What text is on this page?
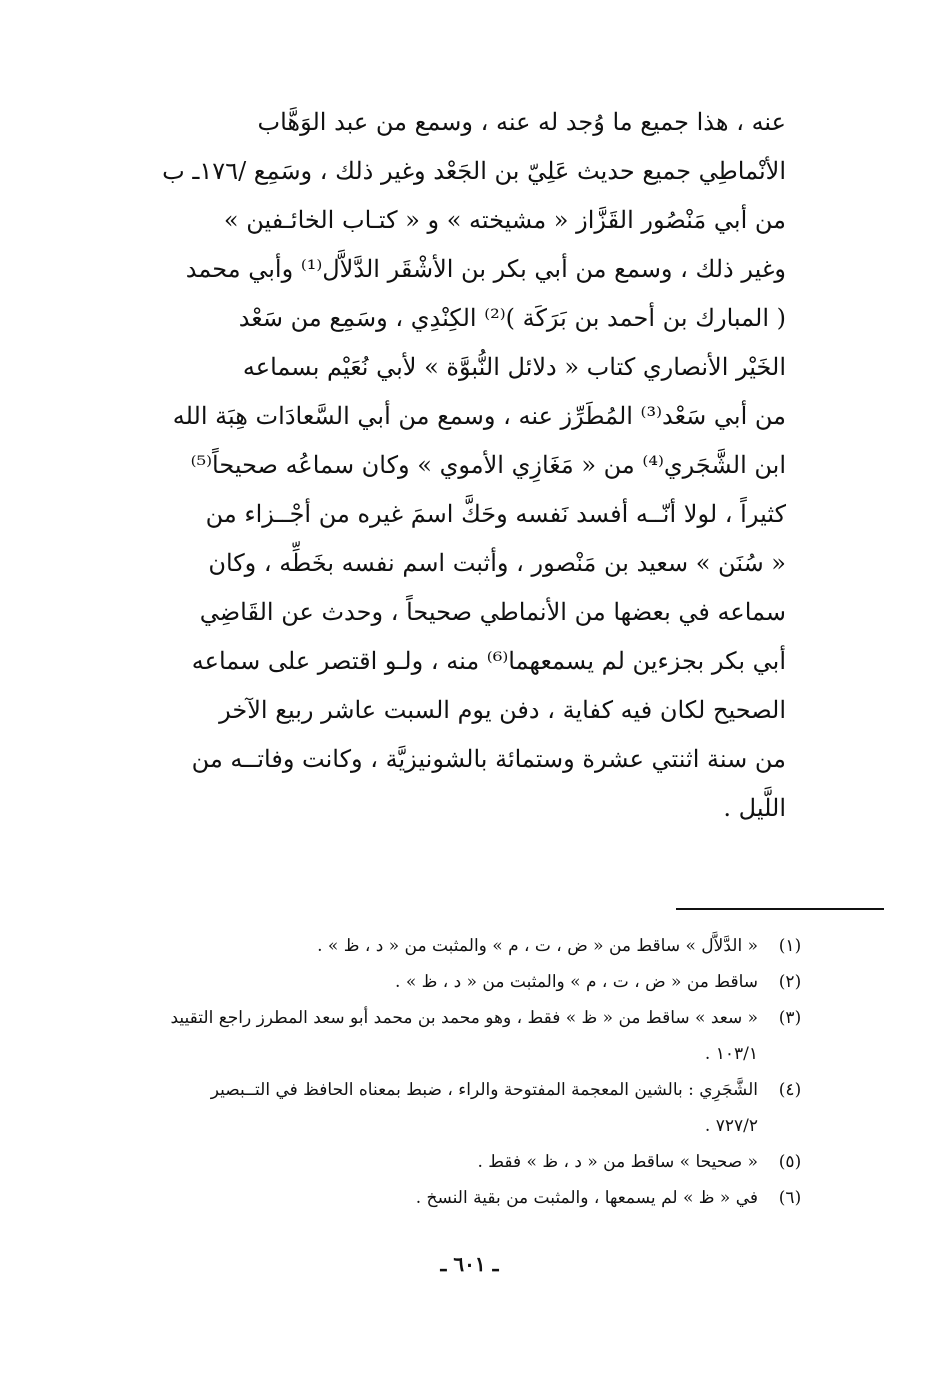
عنه ، هذا جميع ما وُجد له عنه ، وسمع من عبد الوَهَّاب
الأنْماطِي جميع حديث عَلِيّ بن الجَعْد وغير ذلك ، وسَمِع /١٧٦ـ ب
من أبي مَنْصُور القَزَّاز « مشيخته » و « كتـاب الخائـفين »
وغير ذلك ، وسمع من أبي بكر بن الأشْقَر الدَّلاَّل⁽¹⁾ وأبي محمد
( المبارك بن أحمد بن بَرَكَة )⁽²⁾ الكِنْدِي ، وسَمِع من سَعْد
الخَيْر الأنصاري كتاب « دلائل النُّبوَّة » لأبي نُعَيْم بسماعه
من أبي سَعْد⁽³⁾ المُطَرِّز عنه ، وسمع من أبي السَّعادَات هِبَة الله
ابن الشَّجَري⁽⁴⁾ من « مَغَازِي الأموي » وكان سماعُه صحيحاً⁽⁵⁾
كثيراً ، لولا أنّــه أفسد نَفسه وحَكَّ اسمَ غيره من أجْــزاء من
« سُنَن » سعيد بن مَنْصور ، وأثبت اسم نفسه بخَطِّه ، وكان
سماعه في بعضها من الأنماطي صحيحاً ، وحدث عن القَاضِي
أبي بكر بجزءين لم يسمعهما⁽⁶⁾ منه ، ولـو اقتصر على سماعه
الصحيح لكان فيه كفاية ، دفن يوم السبت عاشر ربيع الآخر
من سنة اثنتي عشرة وستمائة بالشونيزيَّة ، وكانت وفاتــه من
اللَّيل .
(١)
« الدَّلاَّل » ساقط من « ض ، ت ، م » والمثبت من « د ، ظ » .
(٢)
ساقط من « ض ، ت ، م » والمثبت من « د ، ظ » .
(٣)
« سعد » ساقط من « ظ » فقط ، وهو محمد بن محمد أبو سعد المطرز راجع التقييد
١٠٣/١ .
(٤)
الشَّجَرِي : بالشين المعجمة المفتوحة والراء ، ضبط بمعناه الحافظ في التــبصير
٧٢٧/٢ .
(٥)
« صحيحا » ساقط من « د ، ظ » فقط .
(٦)
في « ظ » لم يسمعها ، والمثبت من بقية النسخ .
ـ ٦٠١ ـ
